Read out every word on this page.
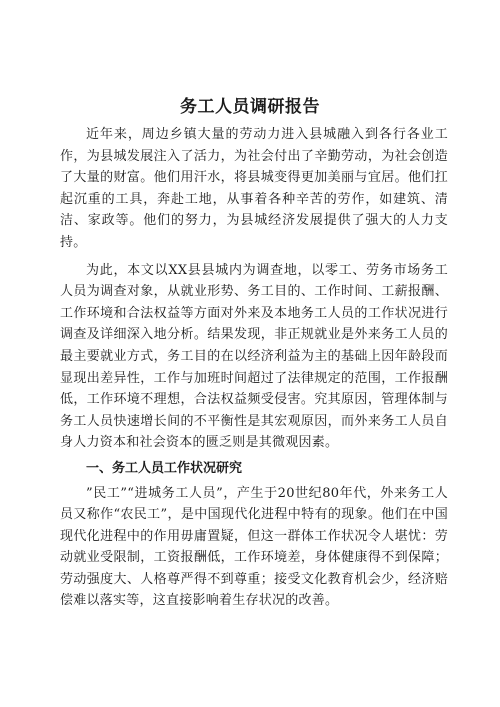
务工人员调研报告

近年来，周边乡镇大量的劳动力进入县城融入到各行各业工作，为县城发展注入了活力，为社会付出了辛勤劳动，为社会创造了大量的财富。他们用汗水，将县城变得更加美丽与宜居。他们扛起沉重的工具，奔赴工地，从事着各种辛苦的劳作，如建筑、清洁、家政等。他们的努力，为县城经济发展提供了强大的人力支持。

为此，本文以XX县县城内为调查地，以零工、劳务市场务工人员为调查对象，从就业形势、务工目的、工作时间、工薪报酬、工作环境和合法权益等方面对外来及本地务工人员的工作状况进行调查及详细深入地分析。结果发现，非正规就业是外来务工人员的最主要就业方式，务工目的在以经济利益为主的基础上因年龄段而显现出差异性，工作与加班时间超过了法律规定的范围，工作报酬低，工作环境不理想，合法权益频受侵害。究其原因，管理体制与务工人员快速增长间的不平衡性是其宏观原因，而外来务工人员自身人力资本和社会资本的匮乏则是其微观因素。

一、务工人员工作状况研究

”民工”“进城务工人员”，产生于20世纪80年代，外来务工人员又称作“农民工”，是中国现代化进程中特有的现象。他们在中国现代化进程中的作用毋庸置疑，但这一群体工作状况令人堪忧：劳动就业受限制，工资报酬低，工作环境差，身体健康得不到保障；劳动强度大、人格尊严得不到尊重；接受文化教育机会少，经济赔偿难以落实等，这直接影响着生存状况的改善。
